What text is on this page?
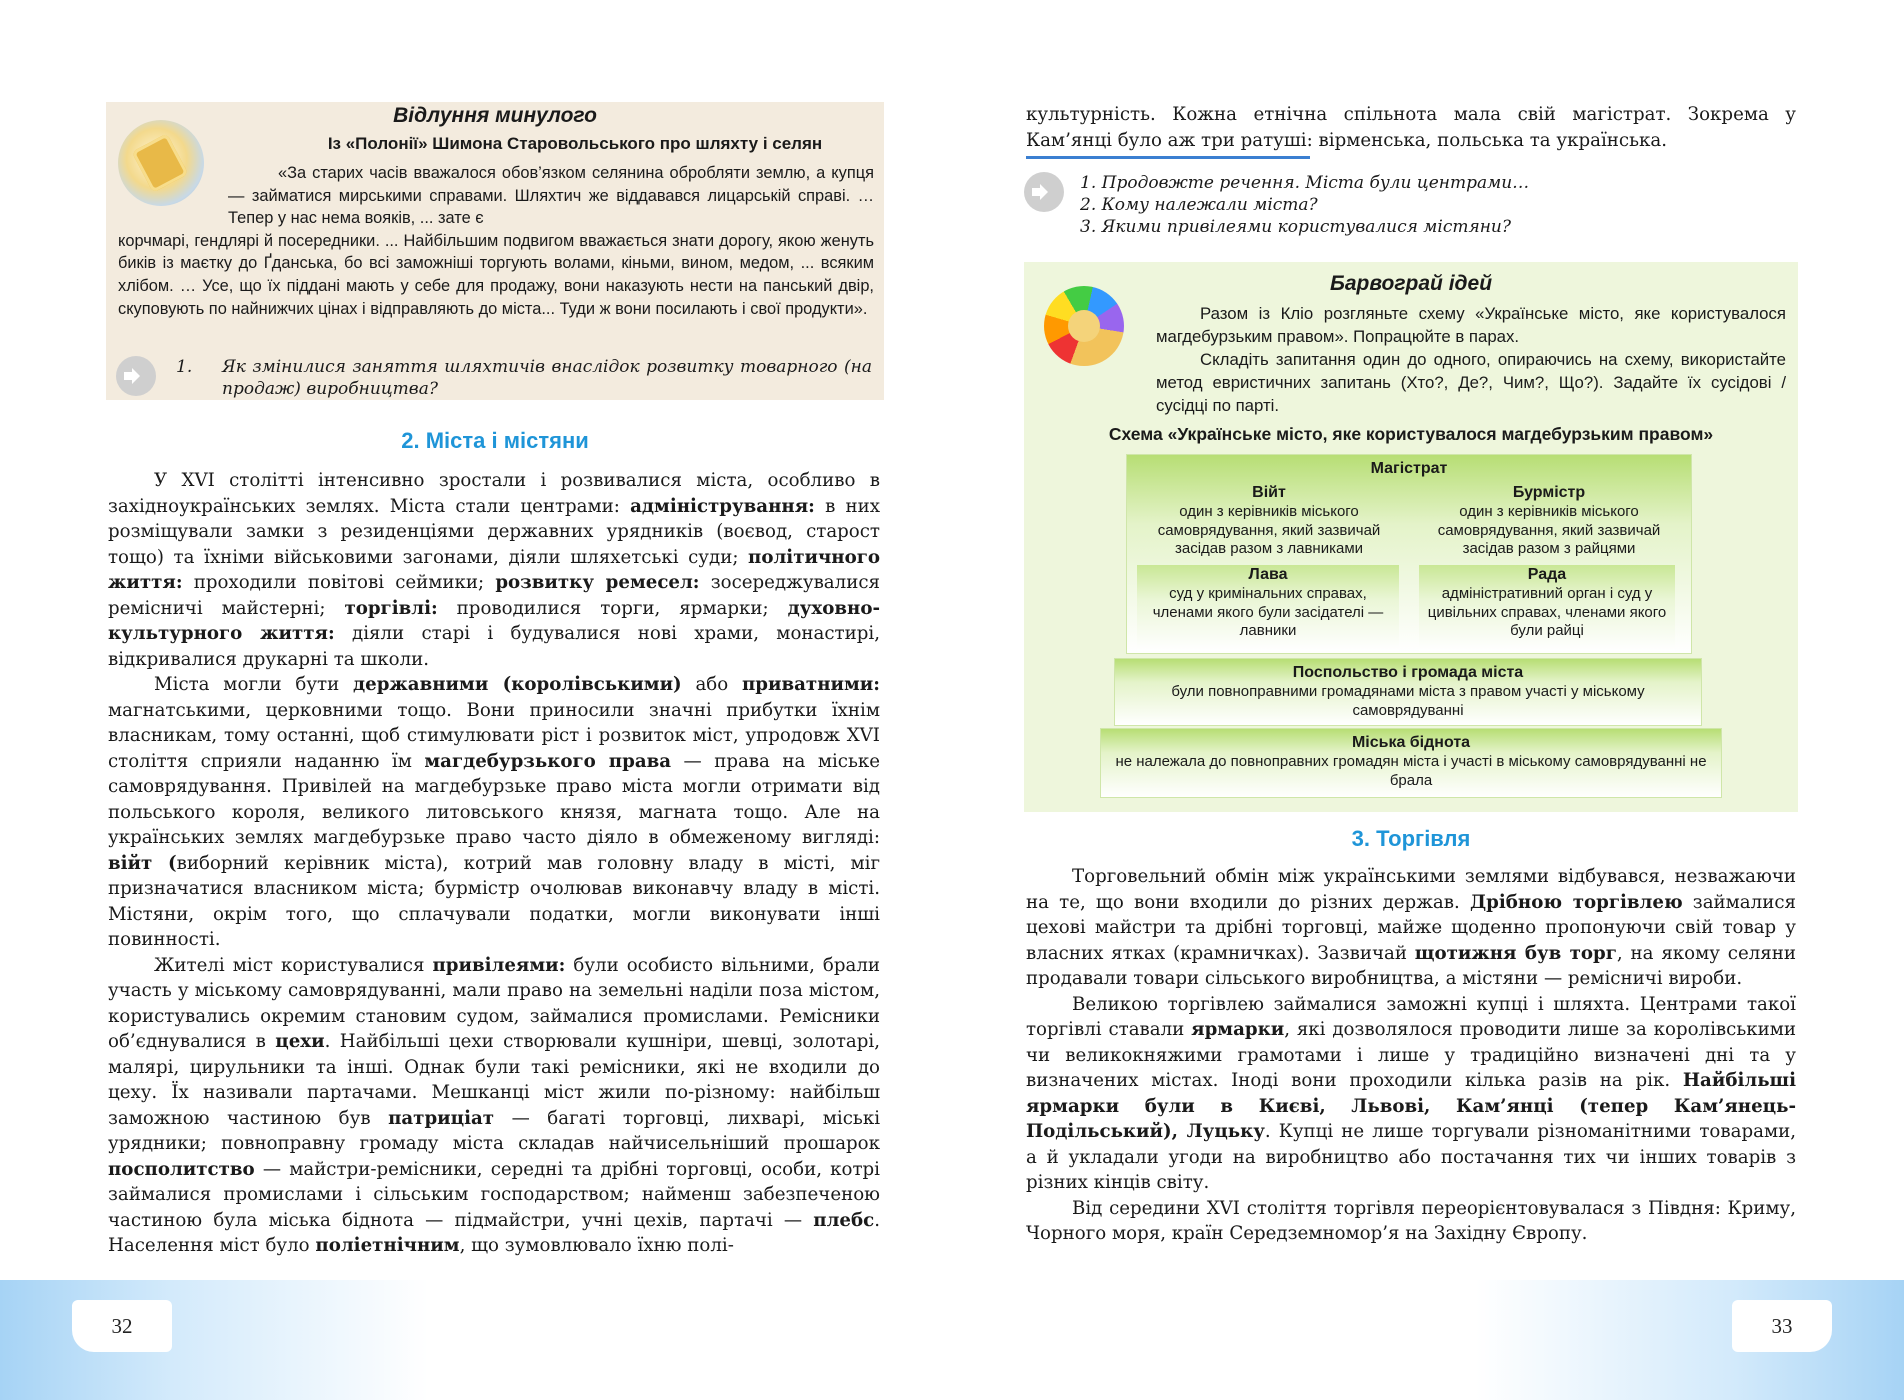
32
Відлуння минулого
Із «Полонії» Шимона Старовольського про шляхту і селян
«За старих часів вважалося обов’язком селянина обробляти землю, а купця — займатися мирськими справами. Шляхтич же віддавався лицарській справі. … Тепер у нас нема вояків, ... зате є
корчмарі, гендлярі й посередники. ... Найбільшим подвигом вважається знати дорогу, якою женуть биків із маєтку до Ґданська, бо всі заможніші торгують волами, кіньми, вином, медом, ... всяким хлібом. … Усе, що їх піддані мають у себе для продажу, вони наказують нести на панський двір, скуповують по найнижчих цінах і відправляють до міста... Туди ж вони посилають і свої продукти».
1.	Як змінилися заняття шляхтичів внаслідок розвитку товарного (на продаж) виробництва?
2. Міста і містяни

У XVI столітті інтенсивно зростали і розвивалися міста, особливо в західноукраїнських землях. Міста стали центрами: адміністрування: в них розміщували замки з резиденціями державних урядників (воєвод, старост тощо) та їхніми військовими загонами, діяли шляхетські суди; політичного життя: проходили повітові сеймики; розвитку ремесел: зосереджувалися ремісничі майстерні; торгівлі: проводилися торги, ярмарки; духовно-культурного життя: діяли старі і будувалися нові храми, монастирі, відкривалися друкарні та школи.

Міста могли бути державними (королівськими) або приватними: магнатськими, церковними тощо. Вони приносили значні прибутки їхнім власникам, тому останні, щоб стимулювати ріст і розвиток міст, упродовж XVI століття сприяли наданню їм магдебурзького права — права на міське самоврядування. Привілей на магдебурзьке право міста могли отримати від польського короля, великого литовського князя, магната тощо. Але на українських землях магдебурзьке право часто діяло в обмеженому вигляді: війт (виборний керівник міста), котрий мав головну владу в місті, міг призначатися власником міста; бурмістр очолював виконавчу владу в місті. Містяни, окрім того, що сплачували податки, могли виконувати інші повинності.

Жителі міст користувалися привілеями: були особисто вільними, брали участь у міському самоврядуванні, мали право на земельні наділи поза містом, користувались окремим становим судом, займалися промислами. Ремісники об’єднувалися в цехи. Найбільші цехи створювали кушніри, шевці, золотарі, малярі, цирульники та інші. Однак були такі ремісники, які не входили до цеху. Їх називали партачами. Мешканці міст жили по-різному: найбільш заможною частиною був патриціат — багаті торговці, лихварі, міські урядники; повноправну громаду міста складав найчисельніший прошарок посполитство — майстри-ремісники, середні та дрібні торговці, особи, котрі займалися промислами і сільським господарством; найменш забезпеченою частиною була міська біднота — підмайстри, учні цехів, партачі — плебс. Населення міст було поліетнічним, що зумовлювало їхню полі-

33

культурність. Кожна етнічна спільнота мала свій магістрат. Зокрема у Кам’янці було аж три ратуші: вірменська, польська та українська.

1. Продовжте речення. Міста були центрами…
2. Кому належали міста?
3. Якими привілеями користувалися містяни?
Барвограй ідей
Разом із Кліо розгляньте схему «Українське місто, яке користувалося магдебурзьким правом». Попрацюйте в парах.
Складіть запитання один до одного, опираючись на схему, використайте метод евристичних запитань (Хто?, Де?, Чим?, Що?). Задайте їх сусідові / сусідці по парті.
Схема «Українське місто, яке користувалося магдебурзьким правом»
Магістрат
Війт
один з керівників міського самоврядування, який зазвичай засідав разом з лавниками
Бурмістр
один з керівників міського самоврядування, який зазвичай засідав разом з райцями
Лава
суд у кримінальних справах, членами якого були засідателі — лавники
Рада
адміністративний орган і суд у цивільних справах, членами якого були райці
Поспольство і громада міста
були повноправними громадянами міста з правом участі у міському самоврядуванні
Міська біднота
не належала до повноправних громадян міста і участі в міському самоврядуванні не брала
3. Торгівля

Торговельний обмін між українськими землями відбувався, незважаючи на те, що вони входили до різних держав. Дрібною торгівлею займалися цехові майстри та дрібні торговці, майже щоденно пропонуючи свій товар у власних ятках (крамничках). Зазвичай щотижня був торг, на якому селяни продавали товари сільського виробництва, а містяни — ремісничі вироби.

Великою торгівлею займалися заможні купці і шляхта. Центрами такої торгівлі ставали ярмарки, які дозволялося проводити лише за королівськими чи великокняжими грамотами і лише у традиційно визначені дні та у визначених містах. Іноді вони проходили кілька разів на рік. Найбільші ярмарки були в Києві, Львові, Кам’янці (тепер Кам’янець-Подільський), Луцьку. Купці не лише торгували різноманітними товарами, а й укладали угоди на виробництво або постачання тих чи інших товарів з різних кінців світу.

Від середини XVI століття торгівля переорієнтовувалася з Півдня: Криму, Чорного моря, країн Середземномор’я на Західну Європу.
